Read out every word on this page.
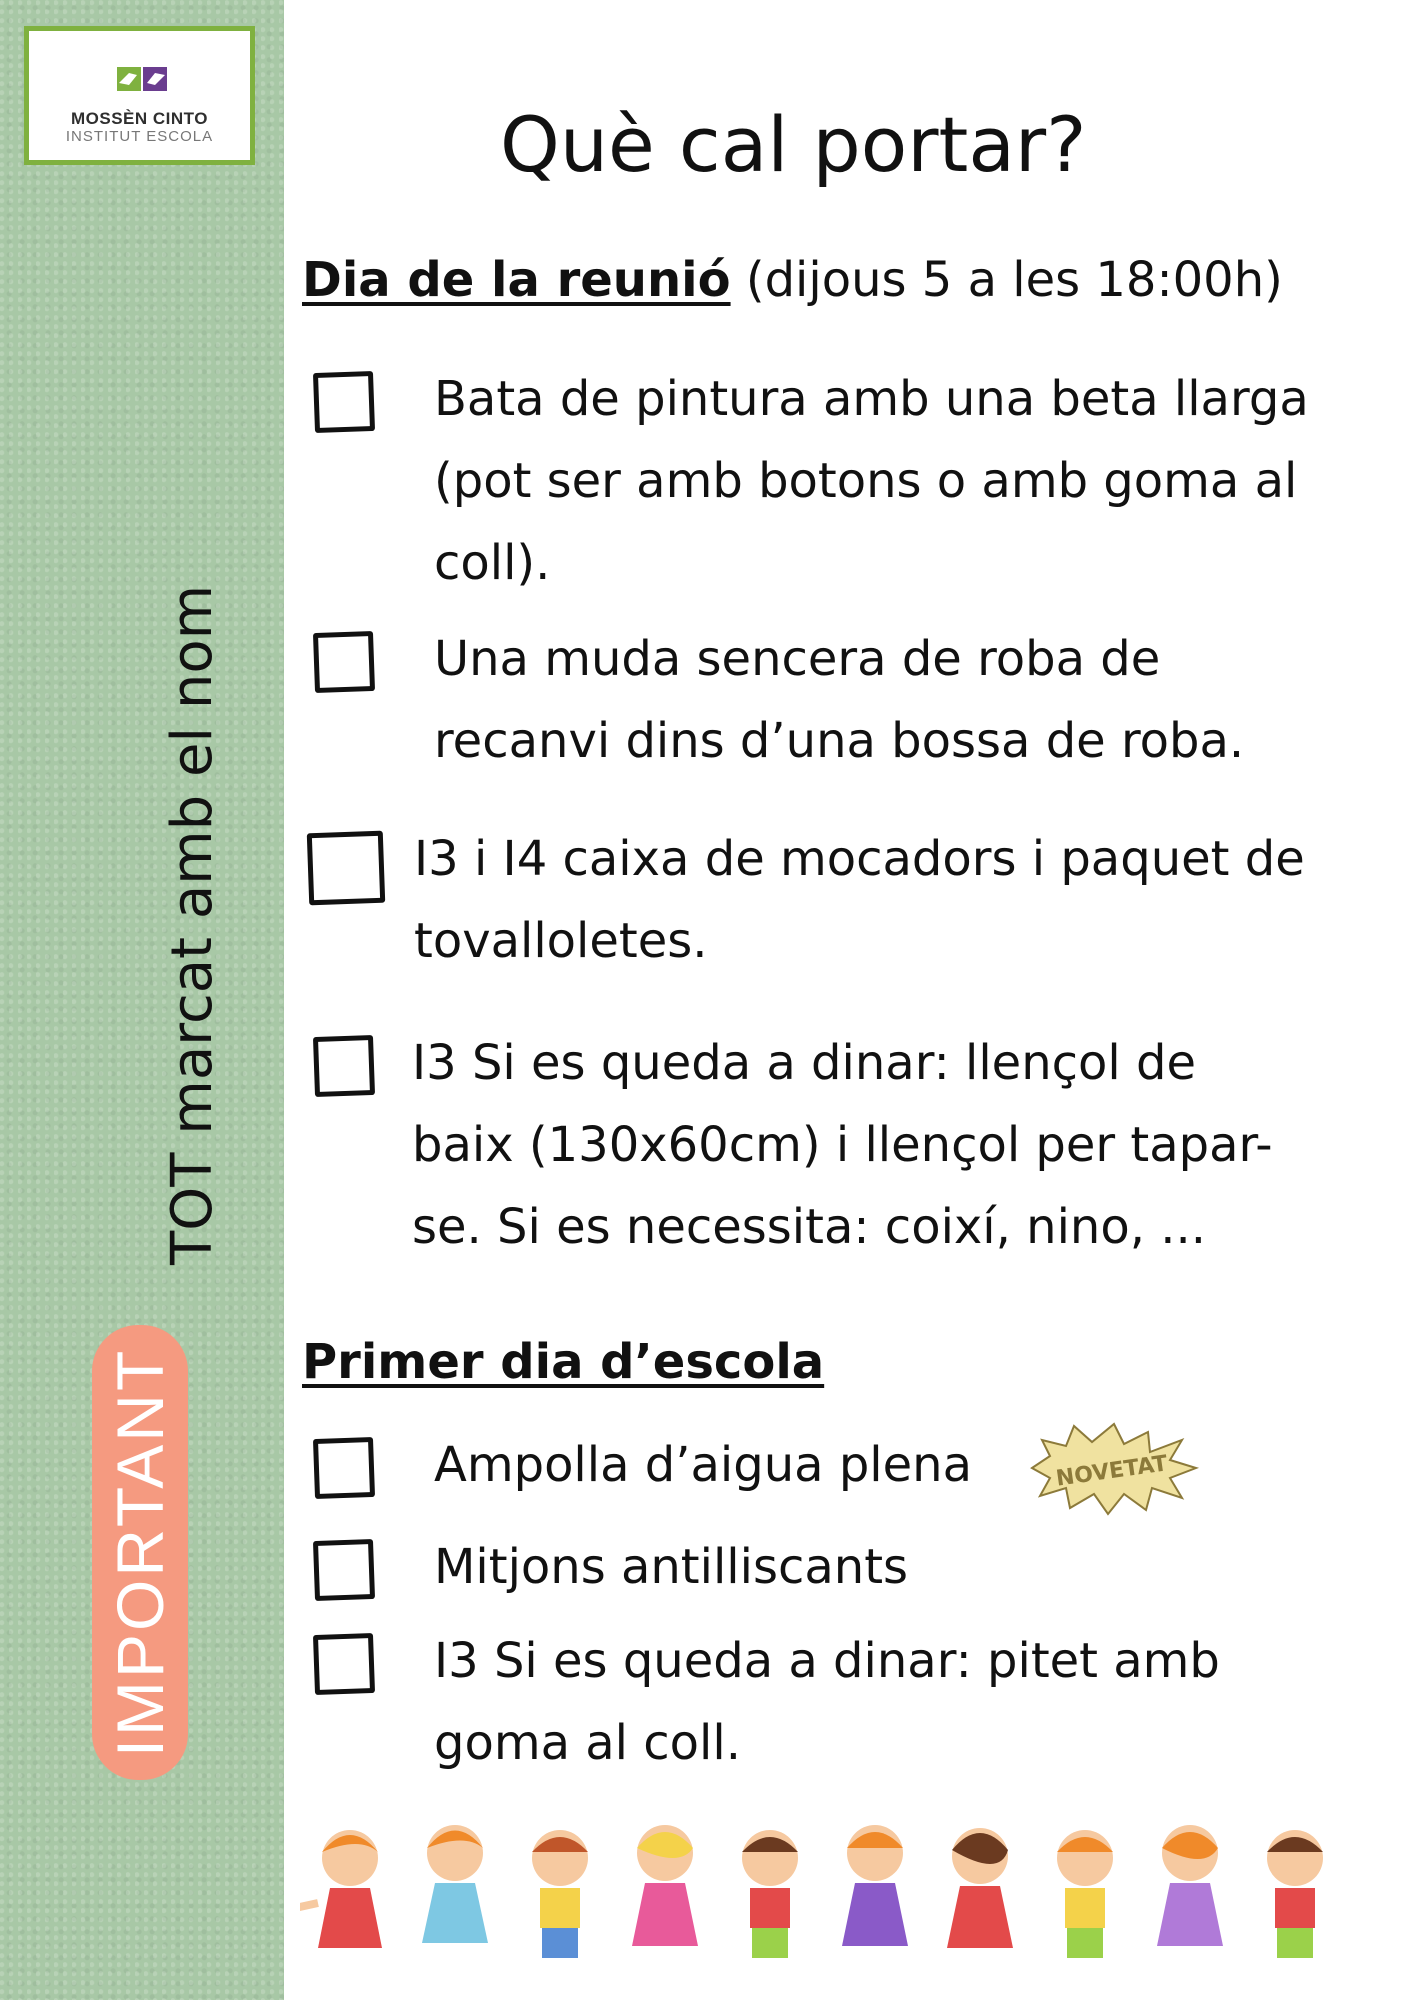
MOSSÈN CINTO
INSTITUT ESCOLA
TOT marcat amb el nom
IMPORTANT
Què cal portar?
Dia de la reunió (dijous 5 a les 18:00h)
Bata de pintura amb una beta llarga
(pot ser amb botons o amb goma al
coll).
Una muda sencera de roba de
recanvi dins d’una bossa de roba.
I3 i I4 caixa de mocadors i paquet de
tovalloletes.
I3 Si es queda a dinar: llençol de
baix (130x60cm) i llençol per tapar-
se. Si es necessita: coixí, nino, ...
Primer dia d’escola
Ampolla d’aigua plena	NOVETAT
Mitjons antilliscants
I3 Si es queda a dinar: pitet amb
goma al coll.
